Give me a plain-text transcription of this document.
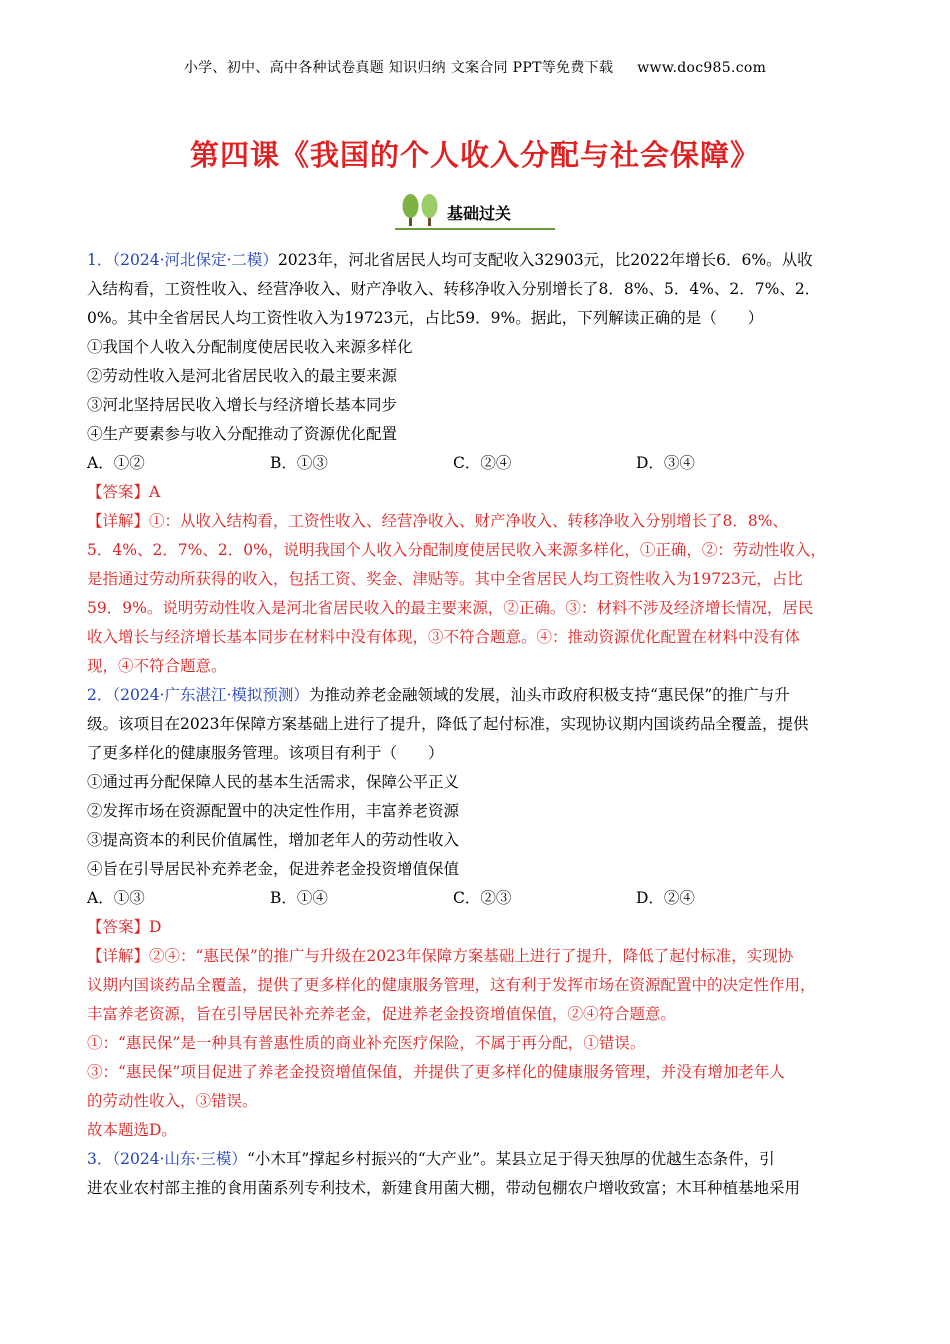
小学、初中、高中各种试卷真题 知识归纳 文案合同 PPT等免费下载 www.doc985.com
第四课《我国的个人收入分配与社会保障》
基础过关
1．（2024·河北保定·二模）2023年，河北省居民人均可支配收入32903元，比2022年增长6．6%。从收
入结构看，工资性收入、经营净收入、财产净收入、转移净收入分别增长了8．8%、5．4%、2．7%、2．
0%。其中全省居民人均工资性收入为19723元，占比59．9%。据此，下列解读正确的是（　　）
①我国个人收入分配制度使居民收入来源多样化
②劳动性收入是河北省居民收入的最主要来源
③河北坚持居民收入增长与经济增长基本同步
④生产要素参与收入分配推动了资源优化配置
A．①②	B．①③	C．②④	D．③④
【答案】A
【详解】①：从收入结构看，工资性收入、经营净收入、财产净收入、转移净收入分别增长了8．8%、
5．4%、2．7%、2．0%，说明我国个人收入分配制度使居民收入来源多样化，①正确，②：劳动性收入，
是指通过劳动所获得的收入，包括工资、奖金、津贴等。其中全省居民人均工资性收入为19723元，占比
59．9%。说明劳动性收入是河北省居民收入的最主要来源，②正确。③：材料不涉及经济增长情况，居民
收入增长与经济增长基本同步在材料中没有体现，③不符合题意。④：推动资源优化配置在材料中没有体
现，④不符合题意。
2．（2024·广东湛江·模拟预测）为推动养老金融领域的发展，汕头市政府积极支持“惠民保”的推广与升
级。该项目在2023年保障方案基础上进行了提升，降低了起付标准，实现协议期内国谈药品全覆盖，提供
了更多样化的健康服务管理。该项目有利于（　　）
①通过再分配保障人民的基本生活需求，保障公平正义
②发挥市场在资源配置中的决定性作用，丰富养老资源
③提高资本的利民价值属性，增加老年人的劳动性收入
④旨在引导居民补充养老金，促进养老金投资增值保值
A．①③	B．①④	C．②③	D．②④
【答案】D
【详解】②④：“惠民保”的推广与升级在2023年保障方案基础上进行了提升，降低了起付标准，实现协
议期内国谈药品全覆盖，提供了更多样化的健康服务管理，这有利于发挥市场在资源配置中的决定性作用，
丰富养老资源，旨在引导居民补充养老金，促进养老金投资增值保值，②④符合题意。
①：“惠民保”是一种具有普惠性质的商业补充医疗保险，不属于再分配，①错误。
③：“惠民保”项目促进了养老金投资增值保值，并提供了更多样化的健康服务管理，并没有增加老年人
的劳动性收入，③错误。
故本题选D。
3．（2024·山东·三模）“小木耳”撑起乡村振兴的“大产业”。某县立足于得天独厚的优越生态条件，引
进农业农村部主推的食用菌系列专利技术，新建食用菌大棚，带动包棚农户增收致富；木耳种植基地采用
